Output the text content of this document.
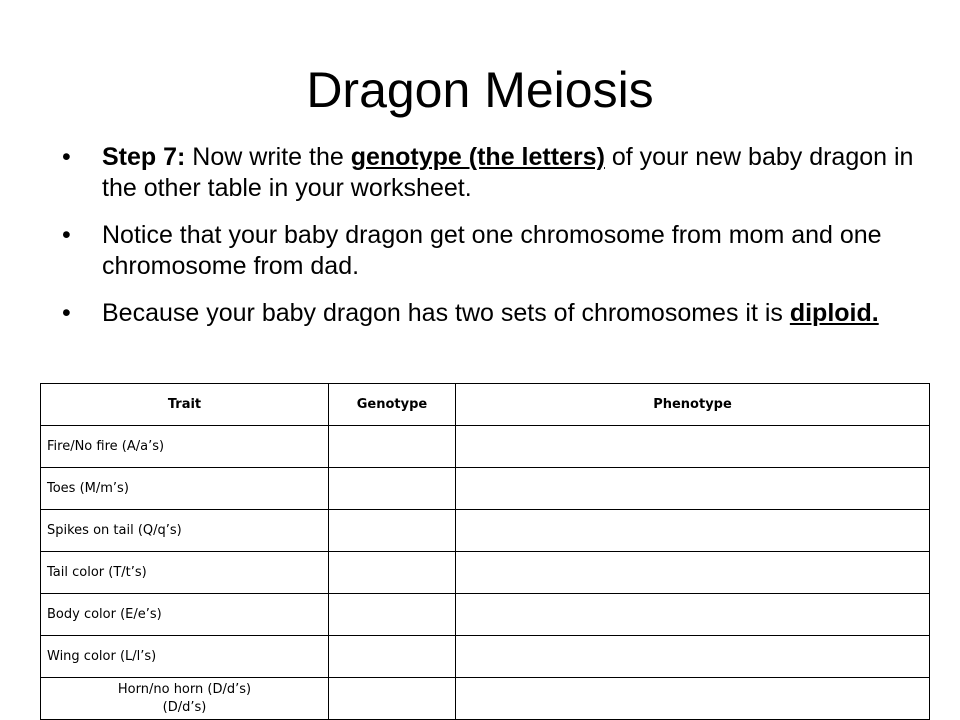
Dragon Meiosis
• Step 7: Now write the genotype (the letters) of your new baby dragon in the other table in your worksheet.
• Notice that your baby dragon get one chromosome from mom and one chromosome from dad.
• Because your baby dragon has two sets of chromosomes it is diploid.
Trait	Genotype	Phenotype
Fire/No fire (A/a’s)		
Toes (M/m’s)		
Spikes on tail (Q/q’s)		
Tail color (T/t’s)		
Body color (E/e’s)		
Wing color (L/l’s)		
Horn/no horn (D/d’s)
(D/d’s)		
